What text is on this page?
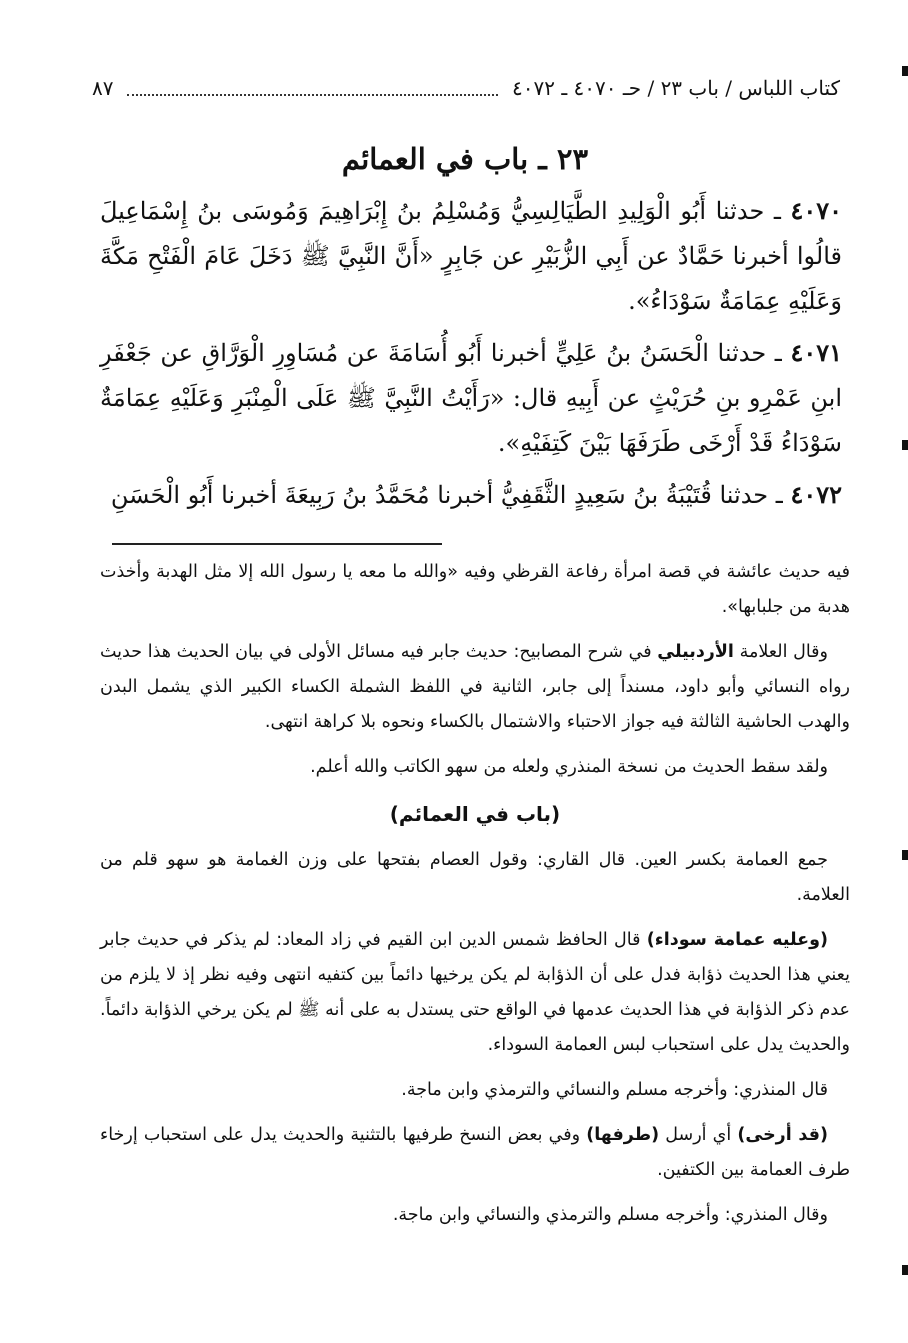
كتاب اللباس / باب ٢٣ / حـ ٤٠٧٠ ـ ٤٠٧٢
٨٧
٢٣ ـ باب في العمائم

٤٠٧٠ ـ حدثنا أَبُو الْوَلِيدِ الطَّيَالِسِيُّ وَمُسْلِمُ بنُ إِبْرَاهِيمَ وَمُوسَى بنُ إِسْمَاعِيلَ قالُوا أخبرنا حَمَّادٌ عن أَبِي الزُّبَيْرِ عن جَابِرٍ «أَنَّ النَّبِيَّ ﷺ دَخَلَ عَامَ الْفَتْحِ مَكَّةَ وَعَلَيْهِ عِمَامَةٌ سَوْدَاءُ».

٤٠٧١ ـ حدثنا الْحَسَنُ بنُ عَلِيٍّ أخبرنا أَبُو أُسَامَةَ عن مُسَاوِرِ الْوَرَّاقِ عن جَعْفَرِ ابنِ عَمْرِو بنِ حُرَيْثٍ عن أَبِيهِ قال: «رَأَيْتُ النَّبِيَّ ﷺ عَلَى الْمِنْبَرِ وَعَلَيْهِ عِمَامَةٌ سَوْدَاءُ قَدْ أَرْخَى طَرَفَهَا بَيْنَ كَتِفَيْهِ».

٤٠٧٢ ـ حدثنا قُتَيْبَةُ بنُ سَعِيدٍ الثَّقَفِيُّ أخبرنا مُحَمَّدُ بنُ رَبِيعَةَ أخبرنا أَبُو الْحَسَنِ

فيه حديث عائشة في قصة امرأة رفاعة القرظي وفيه «والله ما معه يا رسول الله إلا مثل الهدبة وأخذت هدبة من جلبابها».

وقال العلامة الأردبيلي في شرح المصابيح: حديث جابر فيه مسائل الأولى في بيان الحديث هذا حديث رواه النسائي وأبو داود، مسنداً إلى جابر، الثانية في اللفظ الشملة الكساء الكبير الذي يشمل البدن والهدب الحاشية الثالثة فيه جواز الاحتباء والاشتمال بالكساء ونحوه بلا كراهة انتهى.

ولقد سقط الحديث من نسخة المنذري ولعله من سهو الكاتب والله أعلم.

(باب في العمائم)

جمع العمامة بكسر العين. قال القاري: وقول العصام بفتحها على وزن الغمامة هو سهو قلم من العلامة.

(وعليه عمامة سوداء) قال الحافظ شمس الدين ابن القيم في زاد المعاد: لم يذكر في حديث جابر يعني هذا الحديث ذؤابة فدل على أن الذؤابة لم يكن يرخيها دائماً بين كتفيه انتهى وفيه نظر إذ لا يلزم من عدم ذكر الذؤابة في هذا الحديث عدمها في الواقع حتى يستدل به على أنه ﷺ لم يكن يرخي الذؤابة دائماً. والحديث يدل على استحباب لبس العمامة السوداء.

قال المنذري: وأخرجه مسلم والنسائي والترمذي وابن ماجة.

(قد أرخى) أي أرسل (طرفها) وفي بعض النسخ طرفيها بالتثنية والحديث يدل على استحباب إرخاء طرف العمامة بين الكتفين.

وقال المنذري: وأخرجه مسلم والترمذي والنسائي وابن ماجة.
